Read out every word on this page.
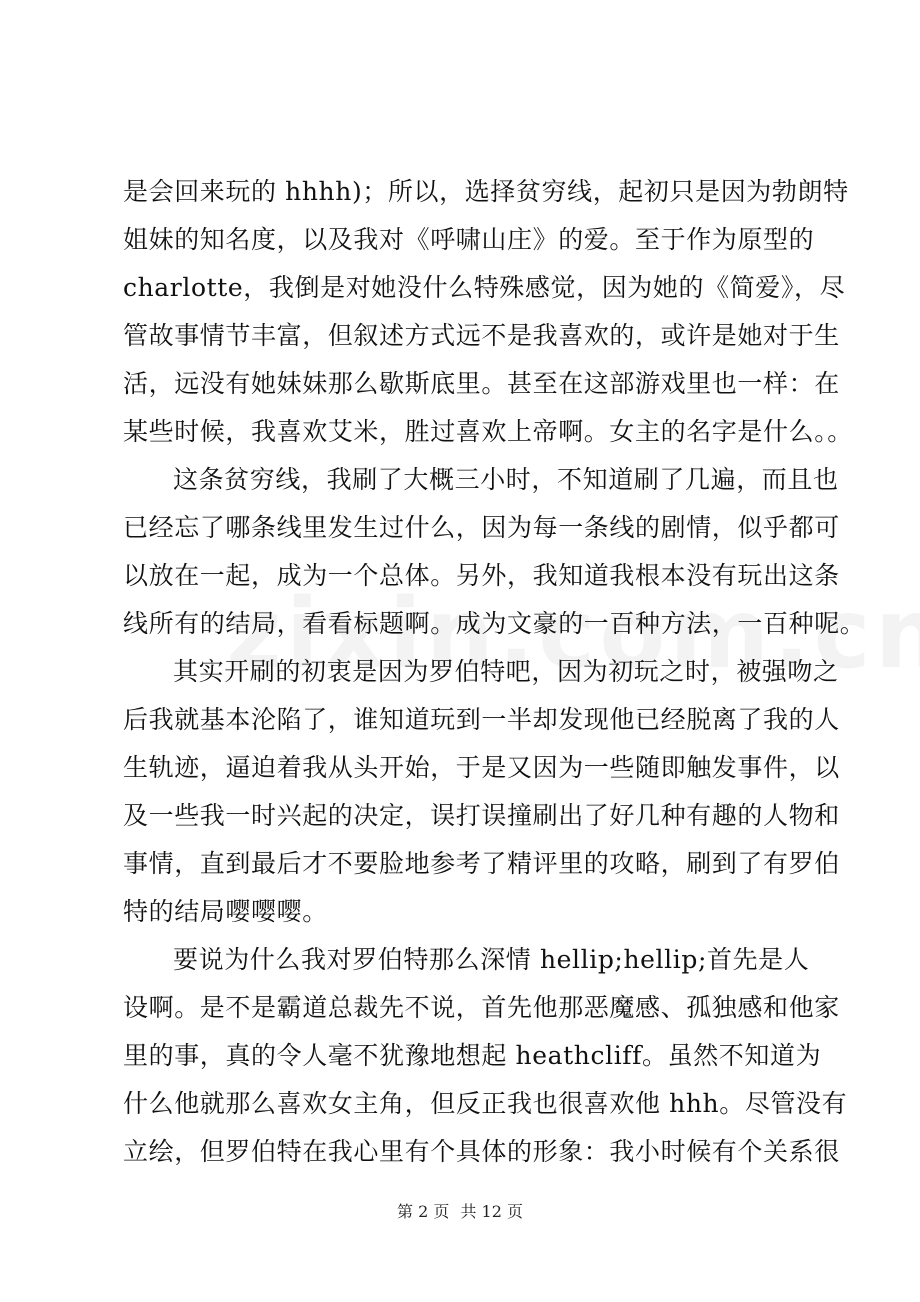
是会回来玩的 hhhh)；所以，选择贫穷线，起初只是因为勃朗特
姐妹的知名度，以及我对《呼啸山庄》的爱。至于作为原型的
charlotte，我倒是对她没什么特殊感觉，因为她的《简爱》，尽
管故事情节丰富，但叙述方式远不是我喜欢的，或许是她对于生
活，远没有她妹妹那么歇斯底里。甚至在这部游戏里也一样：在
某些时候，我喜欢艾米，胜过喜欢上帝啊。女主的名字是什么。。
这条贫穷线，我刷了大概三小时，不知道刷了几遍，而且也
已经忘了哪条线里发生过什么，因为每一条线的剧情，似乎都可
以放在一起，成为一个总体。另外，我知道我根本没有玩出这条
线所有的结局，看看标题啊。成为文豪的一百种方法，一百种呢。
其实开刷的初衷是因为罗伯特吧，因为初玩之时，被强吻之
后我就基本沦陷了，谁知道玩到一半却发现他已经脱离了我的人
生轨迹，逼迫着我从头开始，于是又因为一些随即触发事件，以
及一些我一时兴起的决定，误打误撞刷出了好几种有趣的人物和
事情，直到最后才不要脸地参考了精评里的攻略，刷到了有罗伯
特的结局嘤嘤嘤。
要说为什么我对罗伯特那么深情 hellip;hellip;首先是人
设啊。是不是霸道总裁先不说，首先他那恶魔感、孤独感和他家
里的事，真的令人毫不犹豫地想起 heathcliff。虽然不知道为
什么他就那么喜欢女主角，但反正我也很喜欢他 hhh。尽管没有
立绘，但罗伯特在我心里有个具体的形象：我小时候有个关系很
第 2 页 共 12 页
